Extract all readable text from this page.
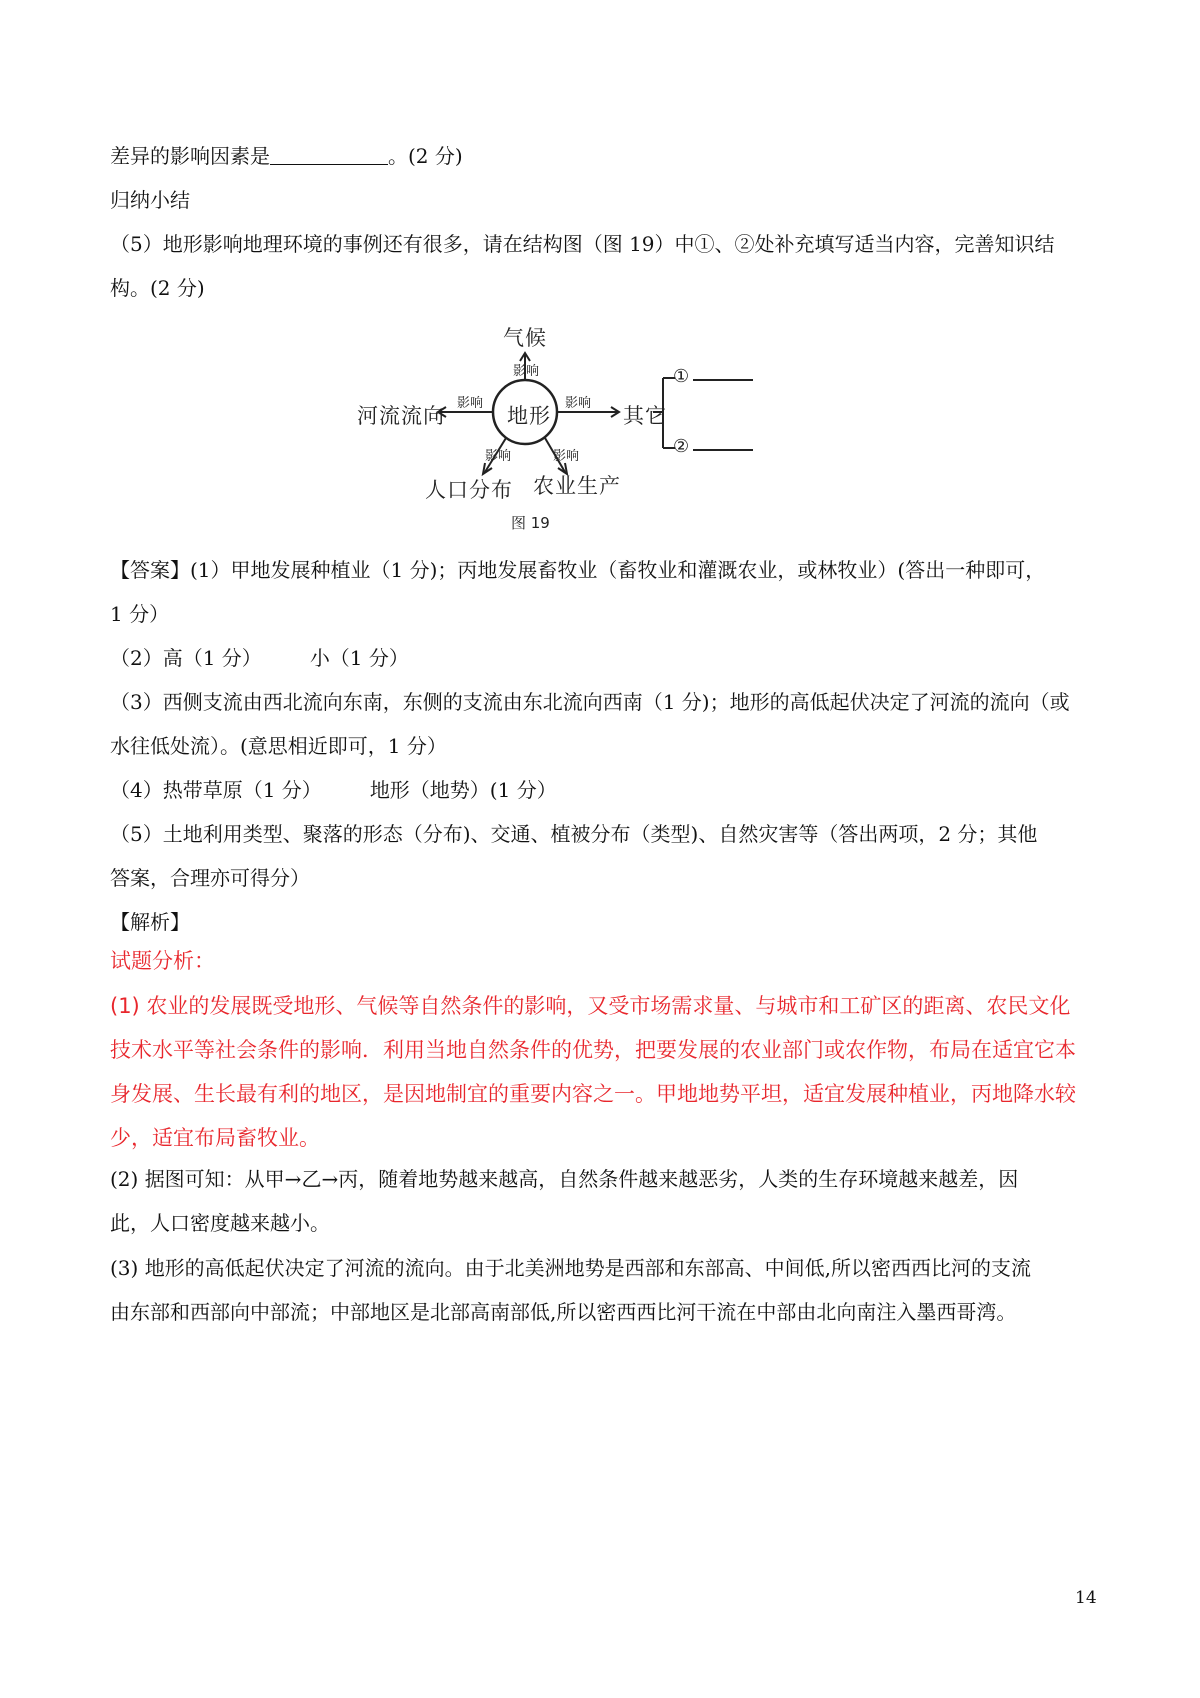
差异的影响因素是	。(2 分)
归纳小结
（5）地形影响地理环境的事例还有很多，请在结构图（图 19）中①、②处补充填写适当内容，完善知识结
构。(2 分)
地形
气候
影响
河流流向
影响	影响
其它
①
②
影响	影响
人口分布 农业生产
图 19
【答案】(1）甲地发展种植业（1 分)；丙地发展畜牧业（畜牧业和灌溉农业，或林牧业）(答出一种即可，
1 分）
（2）高（1 分） 小（1 分）
（3）西侧支流由西北流向东南，东侧的支流由东北流向西南（1 分)；地形的高低起伏决定了河流的流向（或
水往低处流）。(意思相近即可，1 分）
（4）热带草原（1 分） 地形（地势）(1 分）
（5）土地利用类型、聚落的形态（分布)、交通、植被分布（类型)、自然灾害等（答出两项，2 分；其他
答案，合理亦可得分）
【解析】
试题分析：
(1) 农业的发展既受地形、气候等自然条件的影响，又受市场需求量、与城市和工矿区的距离、农民文化
技术水平等社会条件的影响．利用当地自然条件的优势，把要发展的农业部门或农作物，布局在适宜它本
身发展、生长最有利的地区，是因地制宜的重要内容之一。甲地地势平坦，适宜发展种植业，丙地降水较
少，适宜布局畜牧业。
(2) 据图可知：从甲→乙→丙，随着地势越来越高，自然条件越来越恶劣，人类的生存环境越来越差，因
此，人口密度越来越小。
(3) 地形的高低起伏决定了河流的流向。由于北美洲地势是西部和东部高、中间低,所以密西西比河的支流
由东部和西部向中部流；中部地区是北部高南部低,所以密西西比河干流在中部由北向南注入墨西哥湾。
14
